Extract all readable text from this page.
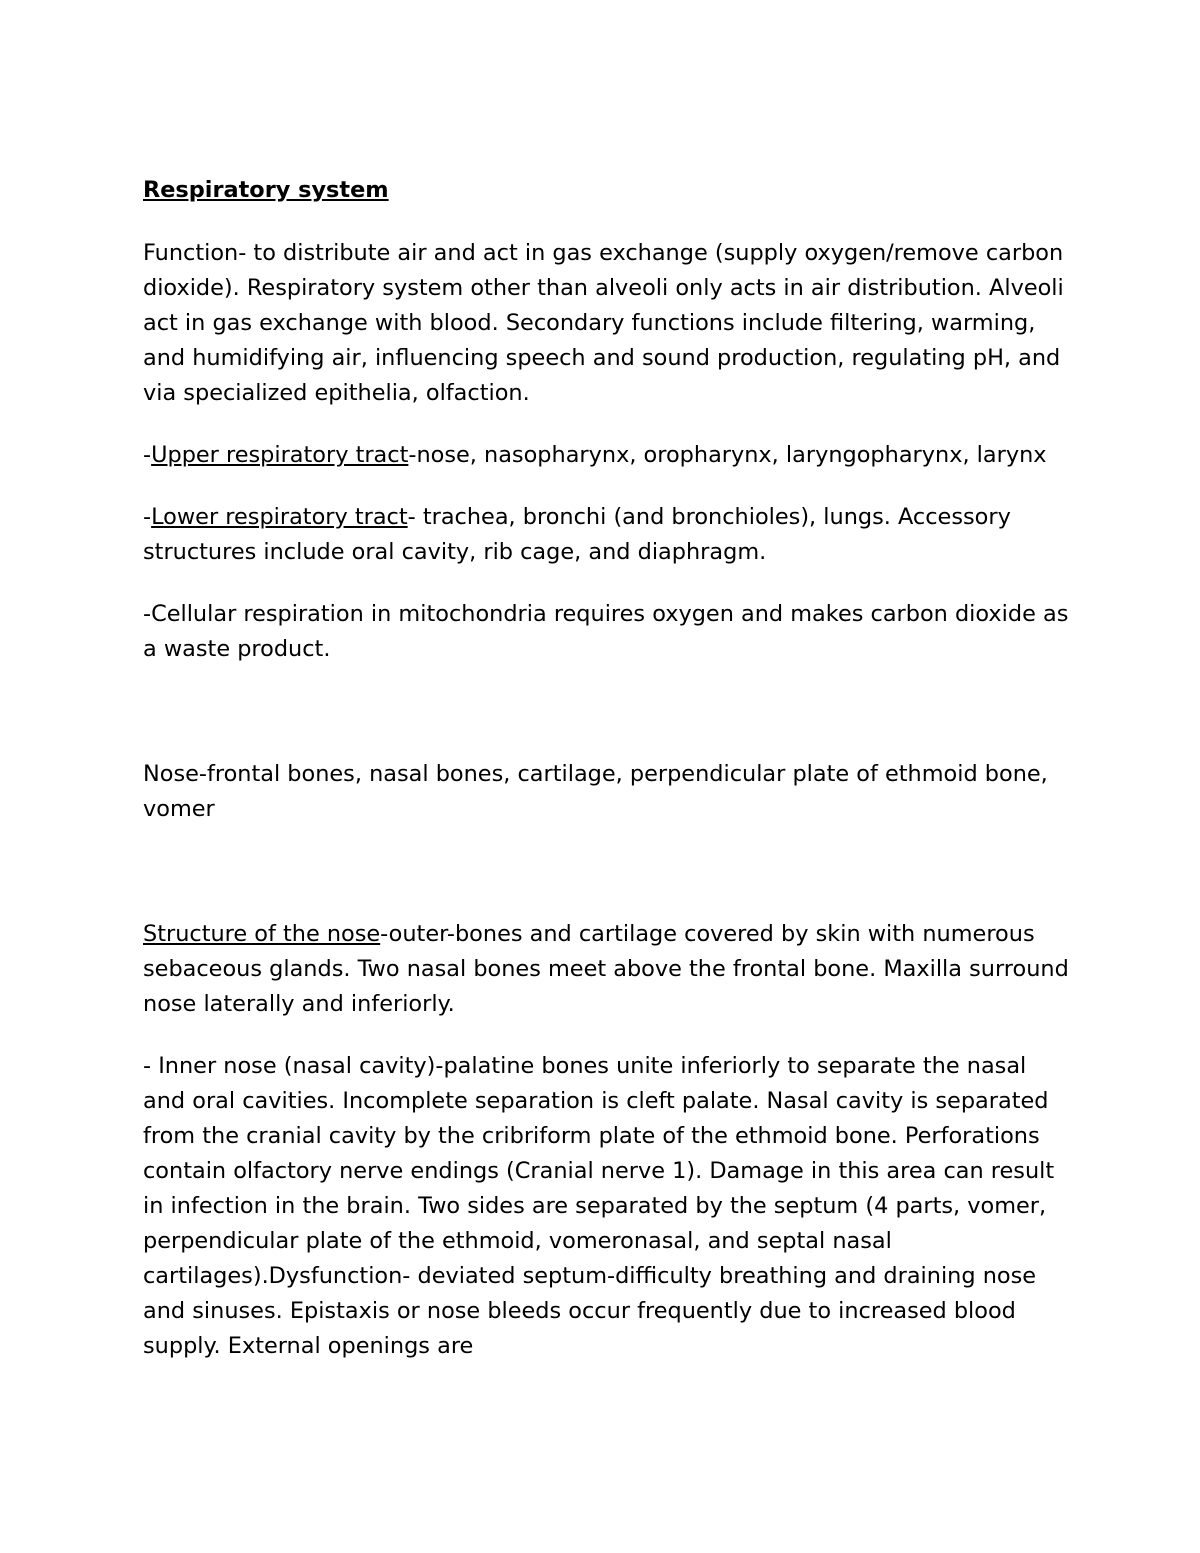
Respiratory system

Function- to distribute air and act in gas exchange (supply oxygen/remove carbon dioxide). Respiratory system other than alveoli only acts in air distribution. Alveoli act in gas exchange with blood. Secondary functions include filtering, warming, and humidifying air, influencing speech and sound production, regulating pH, and via specialized epithelia, olfaction.

-Upper respiratory tract-nose, nasopharynx, oropharynx, laryngopharynx, larynx

-Lower respiratory tract- trachea, bronchi (and bronchioles), lungs. Accessory structures include oral cavity, rib cage, and diaphragm.

-Cellular respiration in mitochondria requires oxygen and makes carbon dioxide as a waste product.

Nose-frontal bones, nasal bones, cartilage, perpendicular plate of ethmoid bone, vomer

Structure of the nose-outer-bones and cartilage covered by skin with numerous sebaceous glands. Two nasal bones meet above the frontal bone. Maxilla surround nose laterally and inferiorly.

- Inner nose (nasal cavity)-palatine bones unite inferiorly to separate the nasal and oral cavities. Incomplete separation is cleft palate. Nasal cavity is separated from the cranial cavity by the cribriform plate of the ethmoid bone. Perforations contain olfactory nerve endings (Cranial nerve 1). Damage in this area can result in infection in the brain. Two sides are separated by the septum (4 parts, vomer, perpendicular plate of the ethmoid, vomeronasal, and septal nasal cartilages).Dysfunction- deviated septum-difficulty breathing and draining nose and sinuses. Epistaxis or nose bleeds occur frequently due to increased blood supply. External openings are
